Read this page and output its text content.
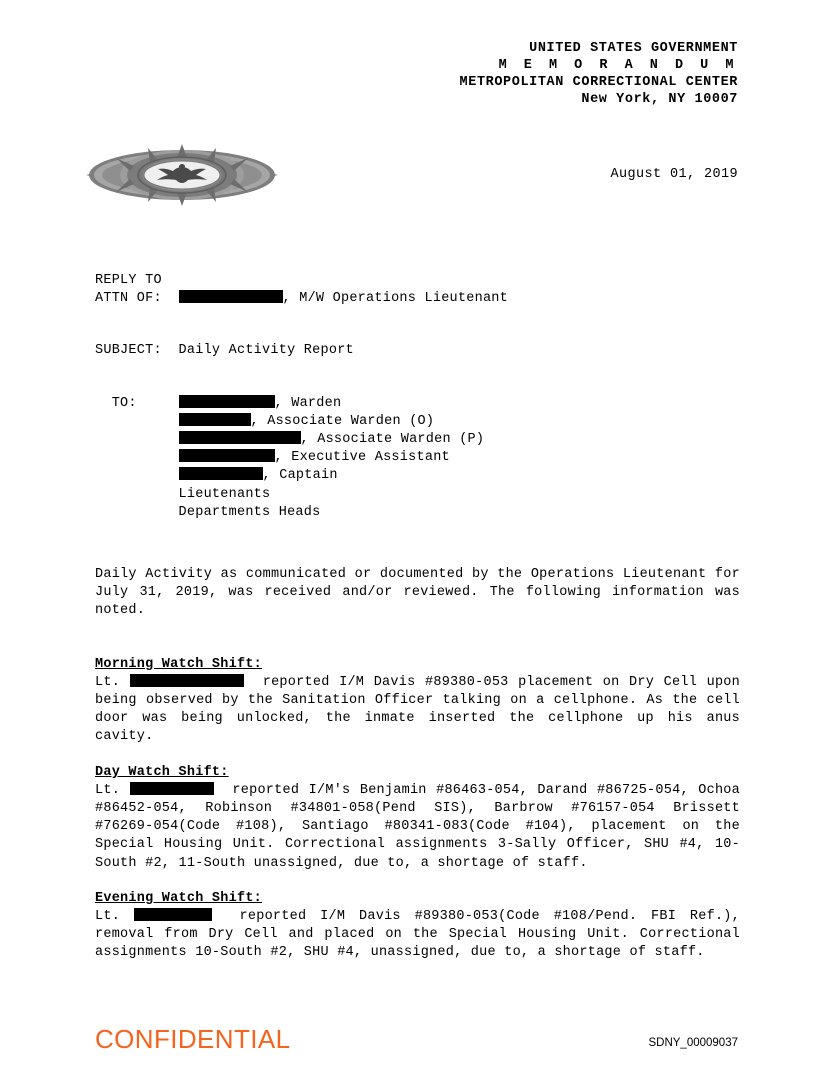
UNITED STATES GOVERNMENT
M E M O R A N D U M
METROPOLITAN CORRECTIONAL CENTER
New York, NY 10007
August 01, 2019
REPLY TO
ATTN OF:	, M/W Operations Lieutenant
SUBJECT: Daily Activity Report
TO:	, Warden
, Associate Warden (O)
, Associate Warden (P)
, Executive Assistant
, Captain
Lieutenants
Departments Heads
Daily Activity as communicated or documented by the Operations Lieutenant for July 31, 2019, was received and/or reviewed. The following information was noted.
Morning Watch Shift:
Lt.	reported I/M Davis #89380-053 placement on Dry Cell upon being observed by the Sanitation Officer talking on a cellphone. As the cell door was being unlocked, the inmate inserted the cellphone up his anus cavity.
Day Watch Shift:
Lt.	reported I/M's Benjamin #86463-054, Darand #86725-054, Ochoa #86452-054, Robinson #34801-058(Pend SIS), Barbrow #76157-054 Brissett #76269-054(Code #108), Santiago #80341-083(Code #104), placement on the Special Housing Unit. Correctional assignments 3-Sally Officer, SHU #4, 10-South #2, 11-South unassigned, due to, a shortage of staff.
Evening Watch Shift:
Lt.	reported I/M Davis #89380-053(Code #108/Pend. FBI Ref.), removal from Dry Cell and placed on the Special Housing Unit. Correctional assignments 10-South #2, SHU #4, unassigned, due to, a shortage of staff.
CONFIDENTIAL	SDNY_00009037
